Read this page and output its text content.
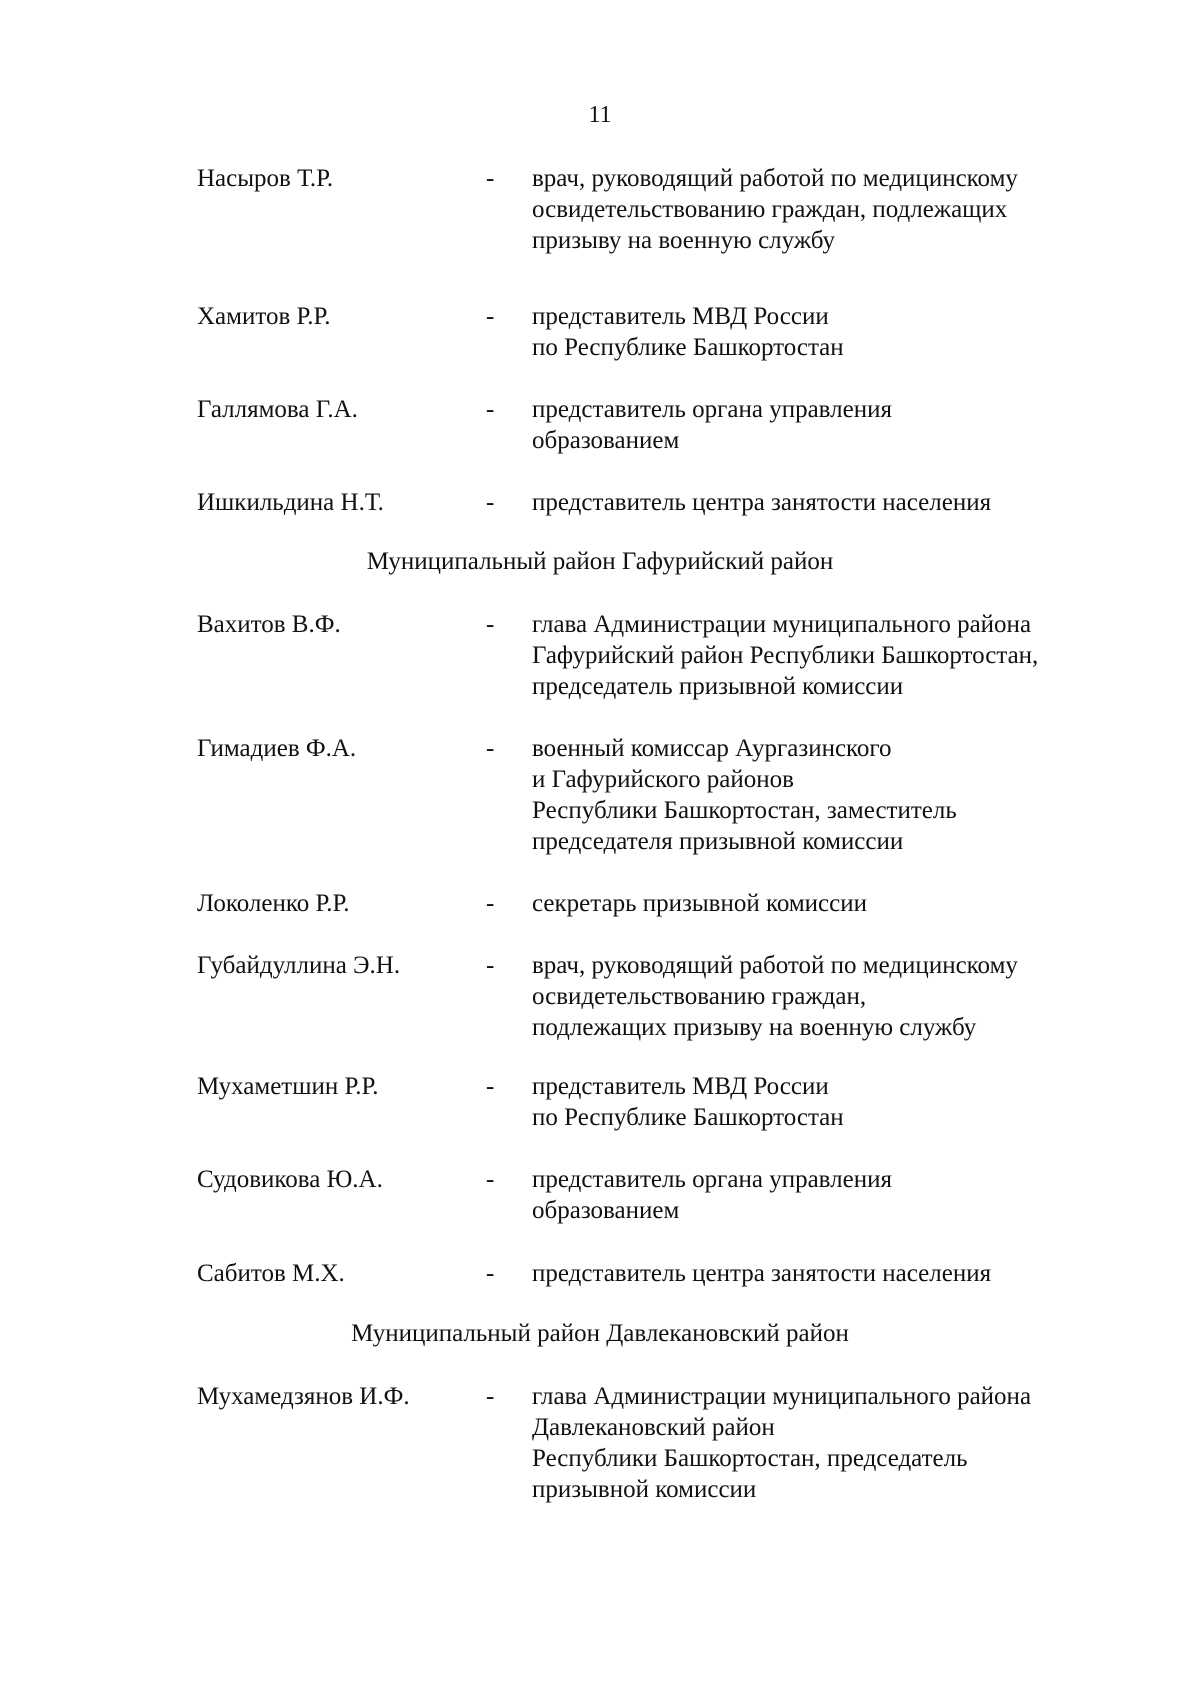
11
Насыров Т.Р.	- врач, руководящий работой по медицинскому
освидетельствованию граждан, подлежащих
призыву на военную службу
Хамитов Р.Р.	- представитель МВД России
по Республике Башкортостан
Галлямова Г.А.	- представитель органа управления
образованием
Ишкильдина Н.Т.	- представитель центра занятости населения
Муниципальный район Гафурийский район
Вахитов В.Ф.	- глава Администрации муниципального района
Гафурийский район Республики Башкортостан,
председатель призывной комиссии
Гимадиев Ф.А.	- военный комиссар Аургазинского
и Гафурийского районов
Республики Башкортостан, заместитель
председателя призывной комиссии
Локоленко Р.Р.	- секретарь призывной комиссии
Губайдуллина Э.Н.	- врач, руководящий работой по медицинскому
освидетельствованию граждан,
подлежащих призыву на военную службу
Мухаметшин Р.Р.	- представитель МВД России
по Республике Башкортостан
Судовикова Ю.А.	- представитель органа управления
образованием
Сабитов М.Х.	- представитель центра занятости населения
Муниципальный район Давлекановский район
Мухамедзянов И.Ф.	- глава Администрации муниципального района
Давлекановский район
Республики Башкортостан, председатель
призывной комиссии
